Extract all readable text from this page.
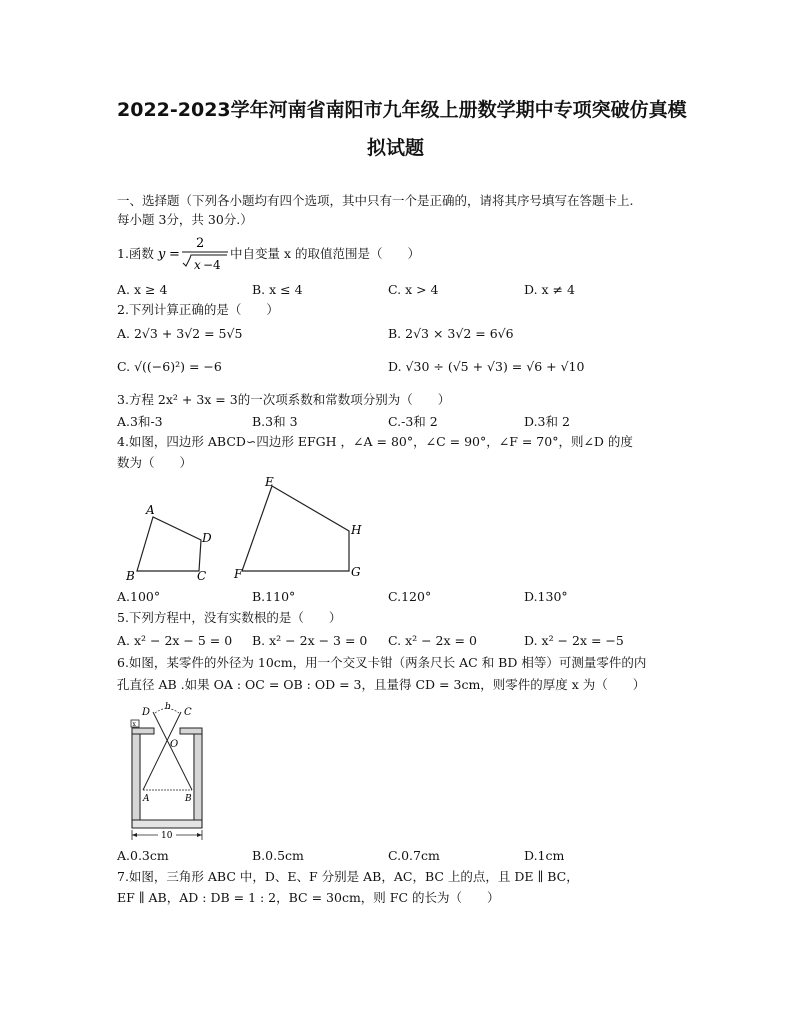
2022-2023学年河南省南阳市九年级上册数学期中专项突破仿真模
拟试题
一、选择题（下列各小题均有四个选项，其中只有一个是正确的，请将其序号填写在答题卡上.
每小题 3分，共 30分.）
1.函数 y =
2
x −4
中自变量 x 的取值范围是（　　）
A. x ≥ 4	B. x ≤ 4	C. x > 4	D. x ≠ 4
2.下列计算正确的是（　　）
A. 2√3 + 3√2 = 5√5	B. 2√3 × 3√2 = 6√6
C. √((−6)²) = −6	D. √30 ÷ (√5 + √3) = √6 + √10
3.方程 2x² + 3x = 3的一次项系数和常数项分别为（　　）
A.3和-3	B.3和 3	C.-3和 2	D.3和 2
4.如图，四边形 ABCD∽四边形 EFGH ，∠A = 80°，∠C = 90°，∠F = 70°，则∠D 的度
数为（　　）
A
B	C
D
E
F	G
H
A.100°	B.110°	C.120°	D.130°
5.下列方程中，没有实数根的是（　　）
A. x² − 2x − 5 = 0 B. x² − 2x − 3 = 0 C. x² − 2x = 0	D. x² − 2x = −5
6.如图，某零件的外径为 10cm，用一个交叉卡钳（两条尺长 AC 和 BD 相等）可测量零件的内
孔直径 AB .如果 OA : OC = OB : OD = 3，且量得 CD = 3cm，则零件的厚度 x 为（　　）
x
D b C
O
A	B
10
A.0.3cm	B.0.5cm	C.0.7cm	D.1cm
7.如图，三角形 ABC 中，D、E、F 分别是 AB，AC，BC 上的点，且 DE ∥ BC，
EF ∥ AB，AD : DB = 1 : 2，BC = 30cm，则 FC 的长为（　　）
